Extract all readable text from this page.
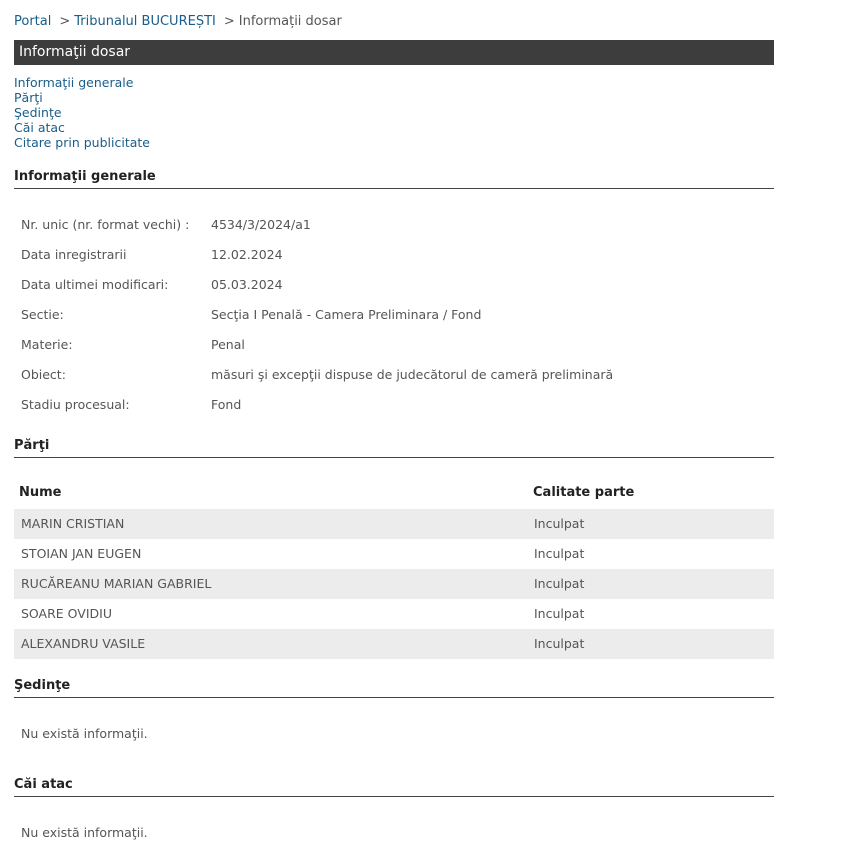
Portal > Tribunalul BUCUREȘTI > Informații dosar
Informaţii dosar
Informaţii generale
Părţi
Şedinţe
Căi atac
Citare prin publicitate
Informaţii generale
Nr. unic (nr. format vechi) : 4534/3/2024/a1
Data inregistrarii	12.02.2024
Data ultimei modificari:	05.03.2024
Sectie:	Secţia I Penală - Camera Preliminara / Fond
Materie:	Penal
Obiect:	măsuri şi excepţii dispuse de judecătorul de cameră preliminară
Stadiu procesual:	Fond
Părţi
Nume	Calitate parte
MARIN CRISTIAN	Inculpat
STOIAN JAN EUGEN	Inculpat
RUCĂREANU MARIAN GABRIEL	Inculpat
SOARE OVIDIU	Inculpat
ALEXANDRU VASILE	Inculpat
Şedinţe
Nu există informaţii.
Căi atac
Nu există informaţii.
